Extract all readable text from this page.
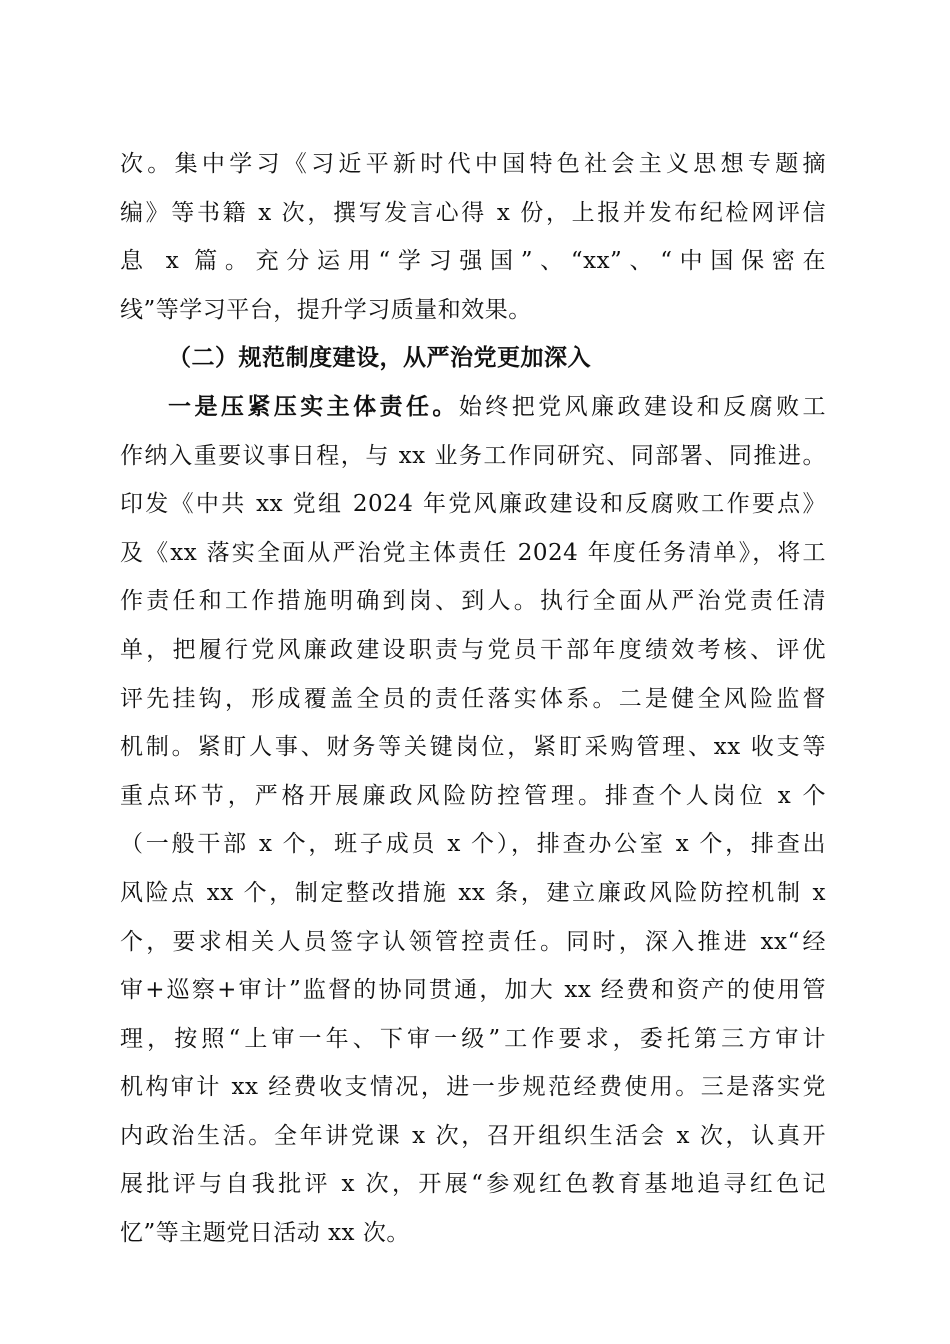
次。集中学习《习近平新时代中国特色社会主义思想专题摘
编》等书籍 x 次，撰写发言心得 x 份，上报并发布纪检网评信
息 x 篇。充分运用“学习强国”、“xx”、“中国保密在
线”等学习平台，提升学习质量和效果。
（二）规范制度建设，从严治党更加深入
一是压紧压实主体责任。始终把党风廉政建设和反腐败工
作纳入重要议事日程，与 xx 业务工作同研究、同部署、同推进。
印发《中共 xx 党组 2024 年党风廉政建设和反腐败工作要点》
及《xx 落实全面从严治党主体责任 2024 年度任务清单》，将工
作责任和工作措施明确到岗、到人。执行全面从严治党责任清
单，把履行党风廉政建设职责与党员干部年度绩效考核、评优
评先挂钩，形成覆盖全员的责任落实体系。二是健全风险监督
机制。紧盯人事、财务等关键岗位，紧盯采购管理、xx 收支等
重点环节，严格开展廉政风险防控管理。排查个人岗位 x 个
（一般干部 x 个，班子成员 x 个），排查办公室 x 个，排查出
风险点 xx 个，制定整改措施 xx 条，建立廉政风险防控机制 x
个，要求相关人员签字认领管控责任。同时，深入推进 xx“经
审+巡察+审计”监督的协同贯通，加大 xx 经费和资产的使用管
理，按照“上审一年、下审一级”工作要求，委托第三方审计
机构审计 xx 经费收支情况，进一步规范经费使用。三是落实党
内政治生活。全年讲党课 x 次，召开组织生活会 x 次，认真开
展批评与自我批评 x 次，开展“参观红色教育基地追寻红色记
忆”等主题党日活动 xx 次。
